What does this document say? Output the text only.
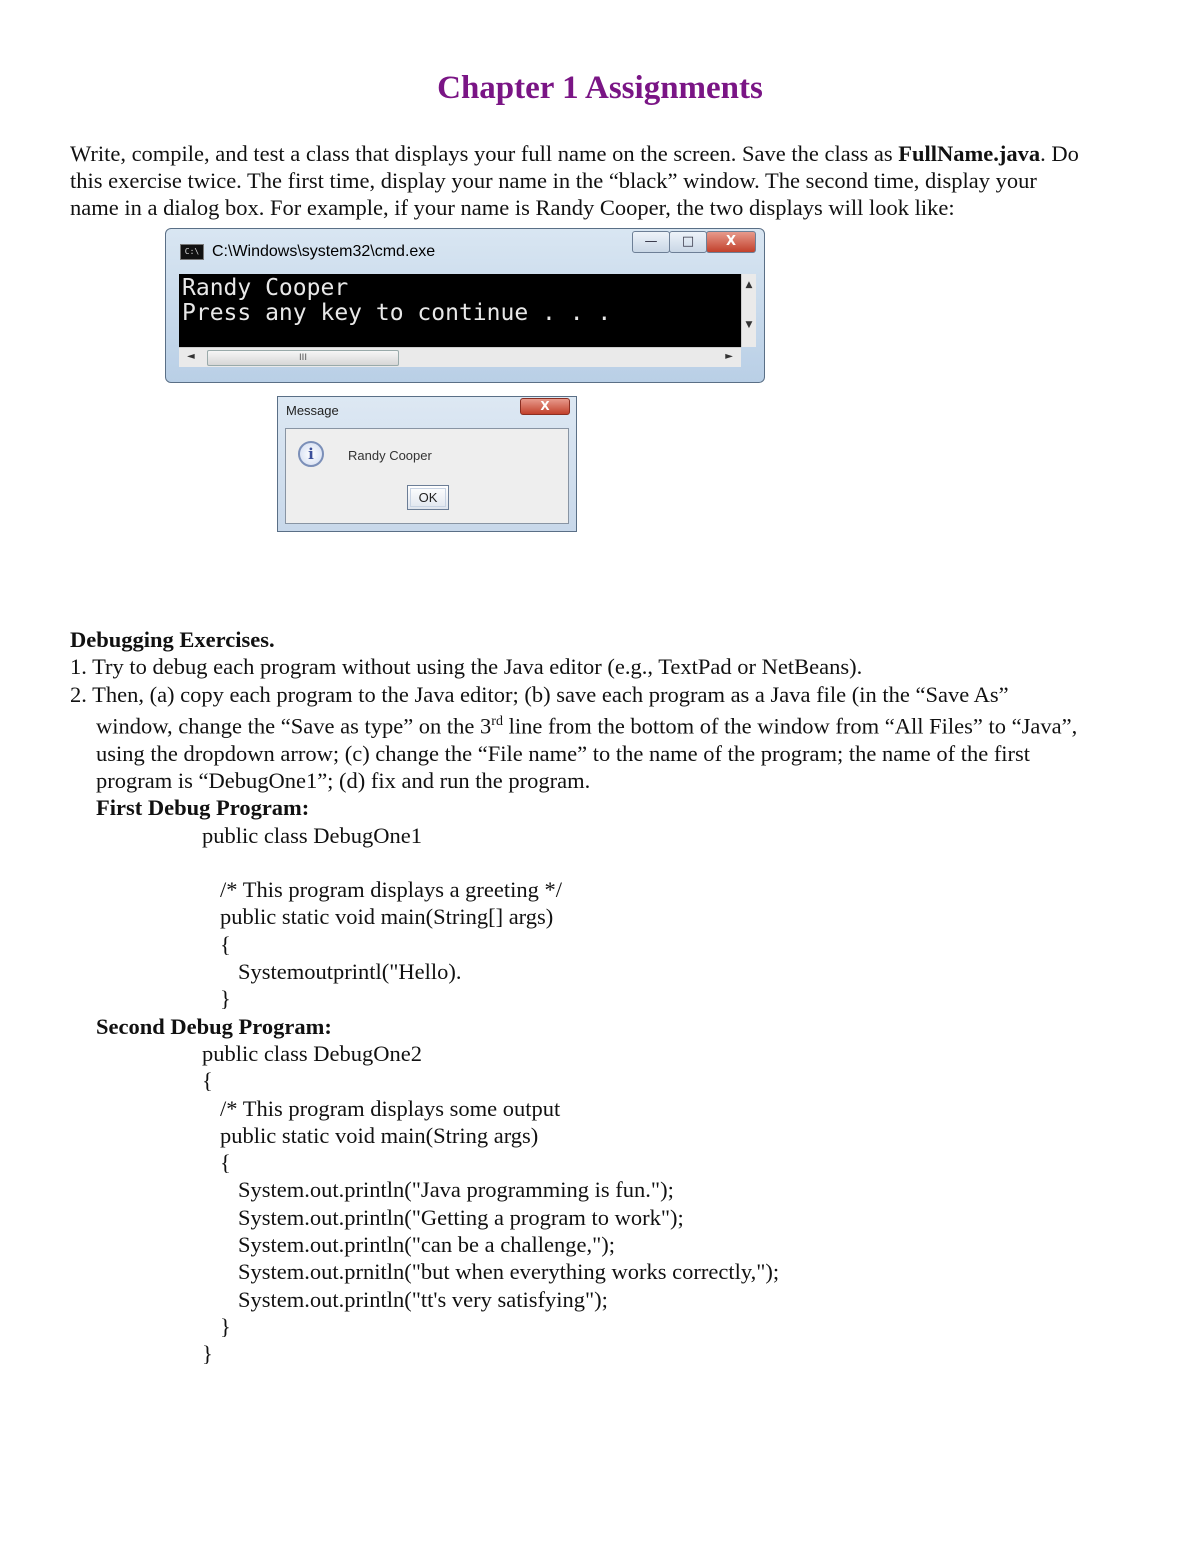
Chapter 1 Assignments
Write, compile, and test a class that displays your full name on the screen. Save the class as FullName.java. Do
this exercise twice. The first time, display your name in the “black” window. The second time, display your
name in a dialog box. For example, if your name is Randy Cooper, the two displays will look like:
C:\ C:\Windows\system32\cmd.exe
—	□	X
Randy Cooper
Press any key to continue . . .
▲
▼
◄	III	►
Message	X
i	Randy Cooper
OK
Debugging Exercises.
1. Try to debug each program without using the Java editor (e.g., TextPad or NetBeans).
2. Then, (a) copy each program to the Java editor; (b) save each program as a Java file (in the “Save As”
window, change the “Save as type” on the 3rd line from the bottom of the window from “All Files” to “Java”,
using the dropdown arrow; (c) change the “File name” to the name of the program; the name of the first
program is “DebugOne1”; (d) fix and run the program.
First Debug Program:
public class DebugOne1
/* This program displays a greeting */
public static void main(String[] args)
{
Systemoutprintl("Hello).
}
Second Debug Program:
public class DebugOne2
{
/* This program displays some output
public static void main(String args)
{
System.out.println("Java programming is fun.");
System.out.println("Getting a program to work");
System.out.println("can be a challenge,");
System.out.prnitln("but when everything works correctly,");
System.out.println("tt's very satisfying");
}
}
